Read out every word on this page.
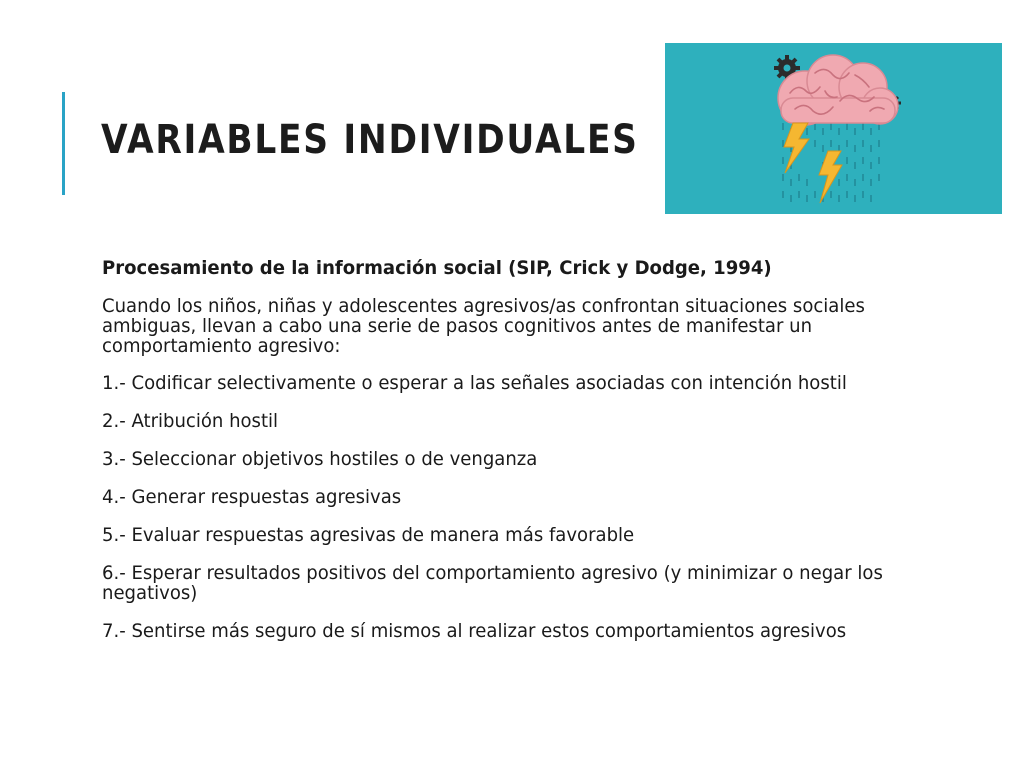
VARIABLES INDIVIDUALES

Procesamiento de la información social (SIP, Crick y Dodge, 1994)

Cuando los niños, niñas y adolescentes agresivos/as confrontan situaciones sociales ambiguas, llevan a cabo una serie de pasos cognitivos antes de manifestar un comportamiento agresivo:

1.- Codificar selectivamente o esperar a las señales asociadas con intención hostil

2.- Atribución hostil

3.- Seleccionar objetivos hostiles o de venganza

4.- Generar respuestas agresivas

5.- Evaluar respuestas agresivas de manera más favorable

6.- Esperar resultados positivos del comportamiento agresivo (y minimizar o negar los negativos)

7.- Sentirse más seguro de sí mismos al realizar estos comportamientos agresivos
